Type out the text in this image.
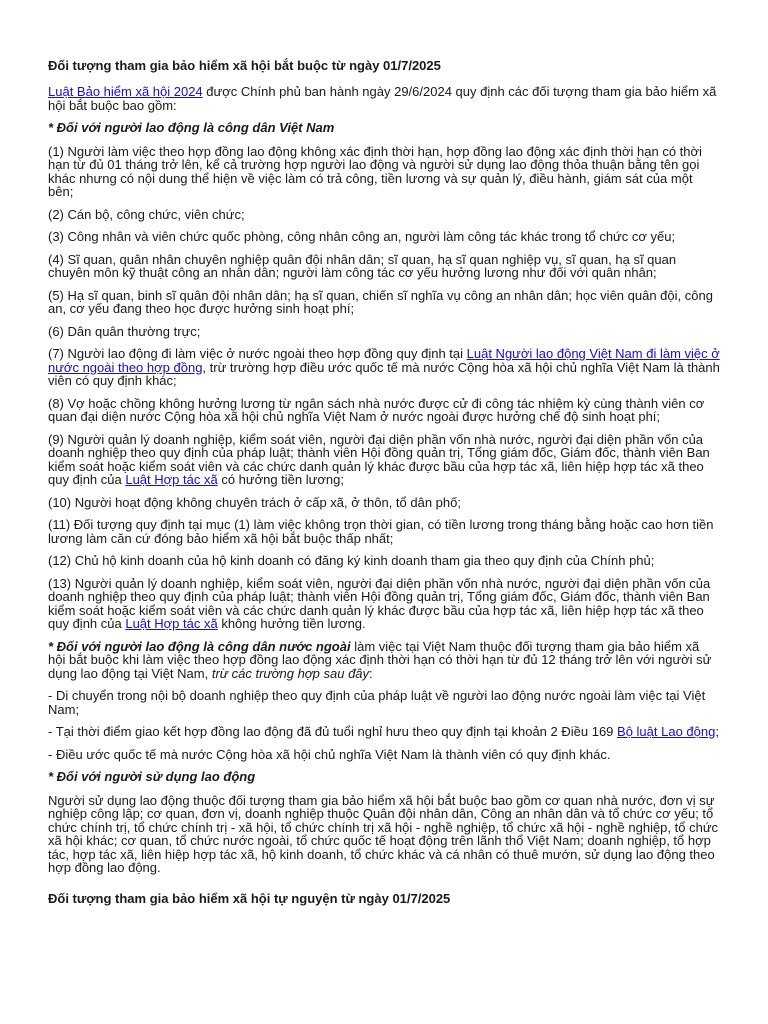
Đối tượng tham gia bảo hiểm xã hội bắt buộc từ ngày 01/7/2025

Luật Bảo hiểm xã hội 2024 được Chính phủ ban hành ngày 29/6/2024 quy định các đối tượng tham gia bảo hiểm xã hội bắt buộc bao gồm:

* Đối với người lao động là công dân Việt Nam

(1) Người làm việc theo hợp đồng lao động không xác định thời hạn, hợp đồng lao động xác định thời hạn có thời hạn từ đủ 01 tháng trở lên, kể cả trường hợp người lao động và người sử dụng lao động thỏa thuận bằng tên gọi khác nhưng có nội dung thể hiện về việc làm có trả công, tiền lương và sự quản lý, điều hành, giám sát của một bên;

(2) Cán bộ, công chức, viên chức;

(3) Công nhân và viên chức quốc phòng, công nhân công an, người làm công tác khác trong tổ chức cơ yếu;

(4) Sĩ quan, quân nhân chuyên nghiệp quân đội nhân dân; sĩ quan, hạ sĩ quan nghiệp vụ, sĩ quan, hạ sĩ quan chuyên môn kỹ thuật công an nhân dân; người làm công tác cơ yếu hưởng lương như đối với quân nhân;

(5) Hạ sĩ quan, binh sĩ quân đội nhân dân; hạ sĩ quan, chiến sĩ nghĩa vụ công an nhân dân; học viên quân đội, công an, cơ yếu đang theo học được hưởng sinh hoạt phí;

(6) Dân quân thường trực;

(7) Người lao động đi làm việc ở nước ngoài theo hợp đồng quy định tại Luật Người lao động Việt Nam đi làm việc ở nước ngoài theo hợp đồng, trừ trường hợp điều ước quốc tế mà nước Cộng hòa xã hội chủ nghĩa Việt Nam là thành viên có quy định khác;

(8) Vợ hoặc chồng không hưởng lương từ ngân sách nhà nước được cử đi công tác nhiệm kỳ cùng thành viên cơ quan đại diện nước Cộng hòa xã hội chủ nghĩa Việt Nam ở nước ngoài được hưởng chế độ sinh hoạt phí;

(9) Người quản lý doanh nghiệp, kiểm soát viên, người đại diện phần vốn nhà nước, người đại diện phần vốn của doanh nghiệp theo quy định của pháp luật; thành viên Hội đồng quản trị, Tổng giám đốc, Giám đốc, thành viên Ban kiểm soát hoặc kiểm soát viên và các chức danh quản lý khác được bầu của hợp tác xã, liên hiệp hợp tác xã theo quy định của Luật Hợp tác xã có hưởng tiền lương;

(10) Người hoạt động không chuyên trách ở cấp xã, ở thôn, tổ dân phố;

(11) Đối tượng quy định tại mục (1) làm việc không trọn thời gian, có tiền lương trong tháng bằng hoặc cao hơn tiền lương làm căn cứ đóng bảo hiểm xã hội bắt buộc thấp nhất;

(12) Chủ hộ kinh doanh của hộ kinh doanh có đăng ký kinh doanh tham gia theo quy định của Chính phủ;

(13) Người quản lý doanh nghiệp, kiểm soát viên, người đại diện phần vốn nhà nước, người đại diện phần vốn của doanh nghiệp theo quy định của pháp luật; thành viên Hội đồng quản trị, Tổng giám đốc, Giám đốc, thành viên Ban kiểm soát hoặc kiểm soát viên và các chức danh quản lý khác được bầu của hợp tác xã, liên hiệp hợp tác xã theo quy định của Luật Hợp tác xã không hưởng tiền lương.

* Đối với người lao động là công dân nước ngoài làm việc tại Việt Nam thuộc đối tượng tham gia bảo hiểm xã hội bắt buộc khi làm việc theo hợp đồng lao động xác định thời hạn có thời hạn từ đủ 12 tháng trở lên với người sử dụng lao động tại Việt Nam, trừ các trường hợp sau đây:

- Di chuyển trong nội bộ doanh nghiệp theo quy định của pháp luật về người lao động nước ngoài làm việc tại Việt Nam;

- Tại thời điểm giao kết hợp đồng lao động đã đủ tuổi nghỉ hưu theo quy định tại khoản 2 Điều 169 Bộ luật Lao động;

- Điều ước quốc tế mà nước Cộng hòa xã hội chủ nghĩa Việt Nam là thành viên có quy định khác.

* Đối với người sử dụng lao động

Người sử dụng lao động thuộc đối tượng tham gia bảo hiểm xã hội bắt buộc bao gồm cơ quan nhà nước, đơn vị sự nghiệp công lập; cơ quan, đơn vị, doanh nghiệp thuộc Quân đội nhân dân, Công an nhân dân và tổ chức cơ yếu; tổ chức chính trị, tổ chức chính trị - xã hội, tổ chức chính trị xã hội - nghề nghiệp, tổ chức xã hội - nghề nghiệp, tổ chức xã hội khác; cơ quan, tổ chức nước ngoài, tổ chức quốc tế hoạt động trên lãnh thổ Việt Nam; doanh nghiệp, tổ hợp tác, hợp tác xã, liên hiệp hợp tác xã, hộ kinh doanh, tổ chức khác và cá nhân có thuê mướn, sử dụng lao động theo hợp đồng lao động.

Đối tượng tham gia bảo hiểm xã hội tự nguyện từ ngày 01/7/2025
